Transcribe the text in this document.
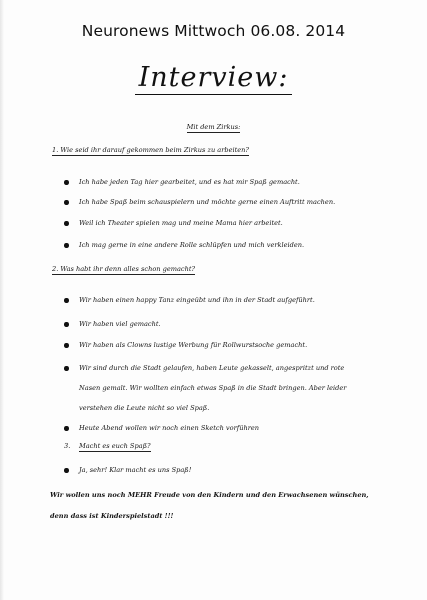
Neuronews Mittwoch 06.08. 2014
Interview:
Mit dem Zirkus:
1. Wie seid ihr darauf gekommen beim Zirkus zu arbeiten?
Ich habe jeden Tag hier gearbeitet, und es hat mir Spaß gemacht.
Ich habe Spaß beim schauspielern und möchte gerne einen Auftritt machen.
Weil ich Theater spielen mag und meine Mama hier arbeitet.
Ich mag gerne in eine andere Rolle schlüpfen und mich verkleiden.
2. Was habt ihr denn alles schon gemacht?
Wir haben einen happy Tanz eingeübt und ihn in der Stadt aufgeführt.
Wir haben viel gemacht.
Wir haben als Clowns lustige Werbung für Rollwurstsoche gemacht.
Wir sind durch die Stadt gelaufen, haben Leute gekasselt, angespritzt und rote
Nasen gemalt. Wir wollten einfach etwas Spaß in die Stadt bringen. Aber leider
verstehen die Leute nicht so viel Spaß.
Heute Abend wollen wir noch einen Sketch vorführen
3. Macht es euch Spaß?
Ja, sehr! Klar macht es uns Spaß!
Wir wollen uns noch MEHR Freude von den Kindern und den Erwachsenen wünschen,
denn dass ist Kinderspielstadt !!!
